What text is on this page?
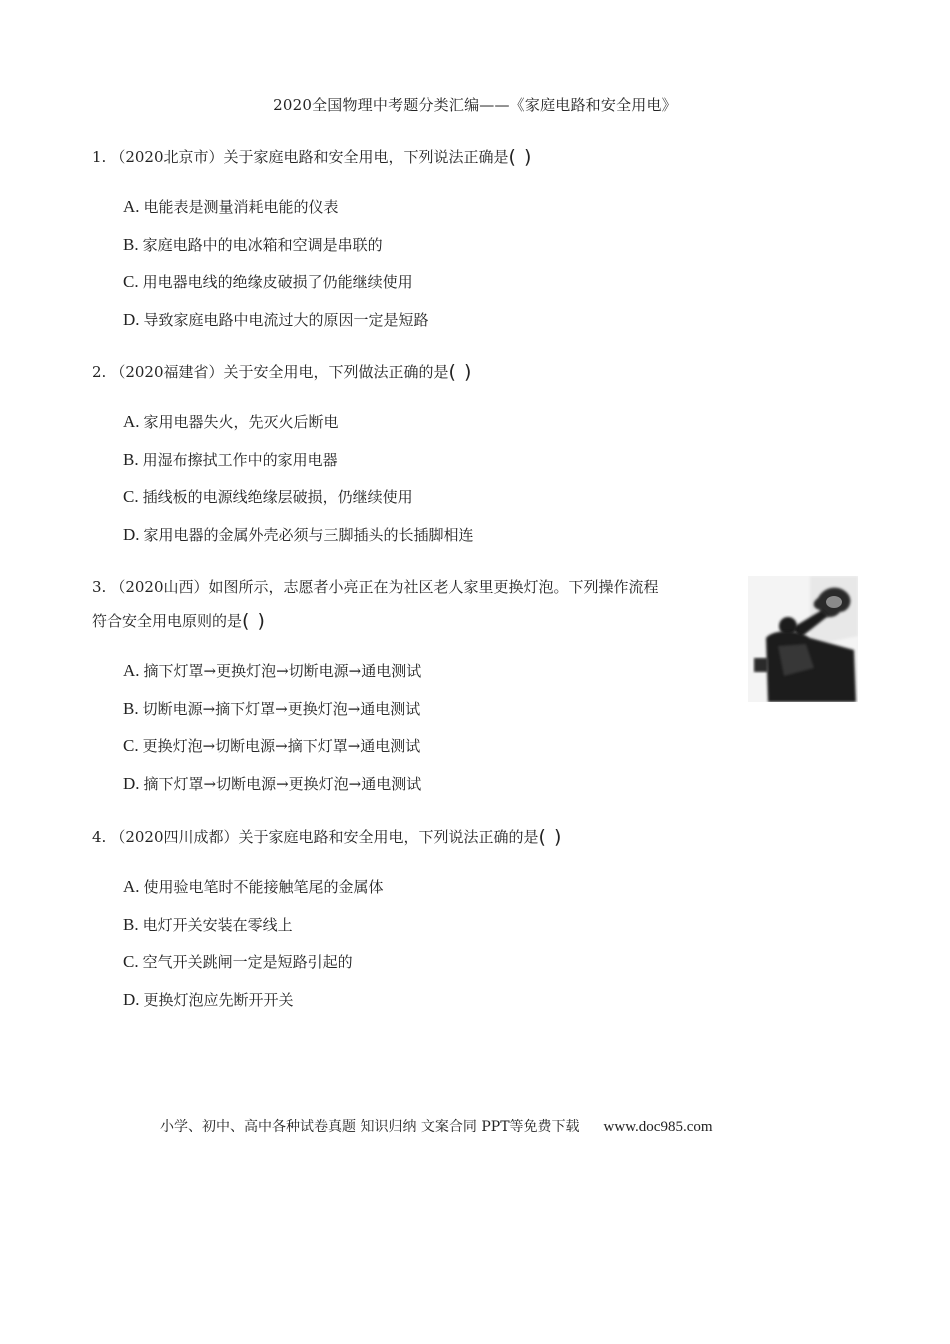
2020全国物理中考题分类汇编——《家庭电路和安全用电》
1. （2020北京市）关于家庭电路和安全用电，下列说法正确是( )
A. 电能表是测量消耗电能的仪表
B. 家庭电路中的电冰箱和空调是串联的
C. 用电器电线的绝缘皮破损了仍能继续使用
D. 导致家庭电路中电流过大的原因一定是短路
2. （2020福建省）关于安全用电，下列做法正确的是( )
A. 家用电器失火，先灭火后断电
B. 用湿布擦拭工作中的家用电器
C. 插线板的电源线绝缘层破损，仍继续使用
D. 家用电器的金属外壳必须与三脚插头的长插脚相连
3. （2020山西）如图所示，志愿者小亮正在为社区老人家里更换灯泡。下列操作流程
符合安全用电原则的是( )
A. 摘下灯罩→更换灯泡→切断电源→通电测试
B. 切断电源→摘下灯罩→更换灯泡→通电测试
C. 更换灯泡→切断电源→摘下灯罩→通电测试
D. 摘下灯罩→切断电源→更换灯泡→通电测试
4. （2020四川成都）关于家庭电路和安全用电，下列说法正确的是( )
A. 使用验电笔时不能接触笔尾的金属体
B. 电灯开关安装在零线上
C. 空气开关跳闸一定是短路引起的
D. 更换灯泡应先断开开关
小学、初中、高中各种试卷真题 知识归纳 文案合同 PPT等免费下载 www.doc985.com
